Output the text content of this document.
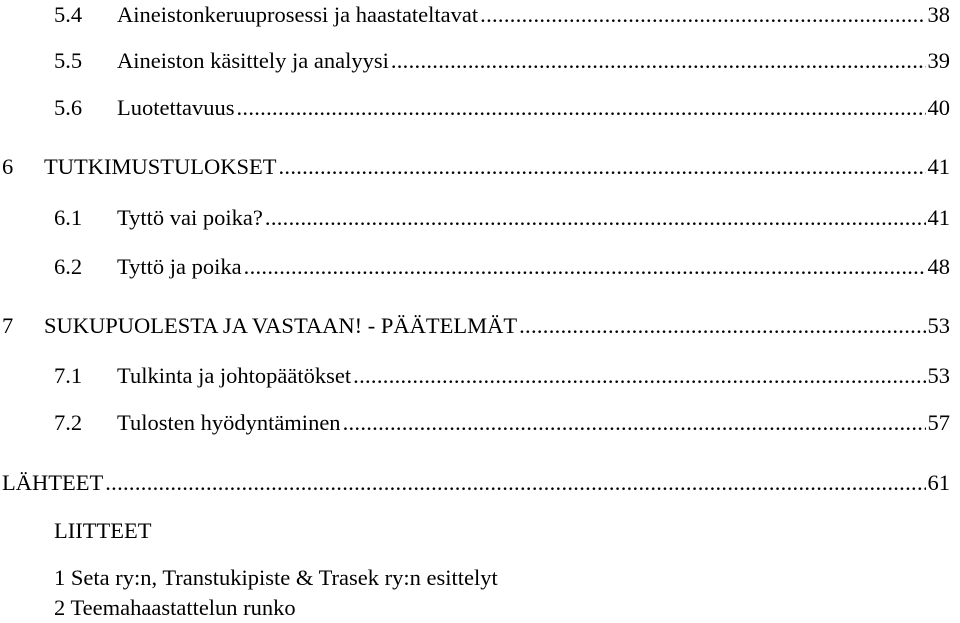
5.4 Aineistonkeruuprosessi ja haastateltavat .....	38
5.5 Aineiston käsittely ja analyysi .....	39
5.6 Luotettavuus .....	40
6 TUTKIMUSTULOKSET .....	41
6.1 Tyttö vai poika? .....	41
6.2 Tyttö ja poika .....	48
7 SUKUPUOLESTA JA VASTAAN! - PÄÄTELMÄT .....	53
7.1 Tulkinta ja johtopäätökset .....	53
7.2 Tulosten hyödyntäminen .....	57
LÄHTEET .....	61
LIITTEET
1 Seta ry:n, Transtukipiste & Trasek ry:n esittelyt
2 Teemahaastattelun runko
